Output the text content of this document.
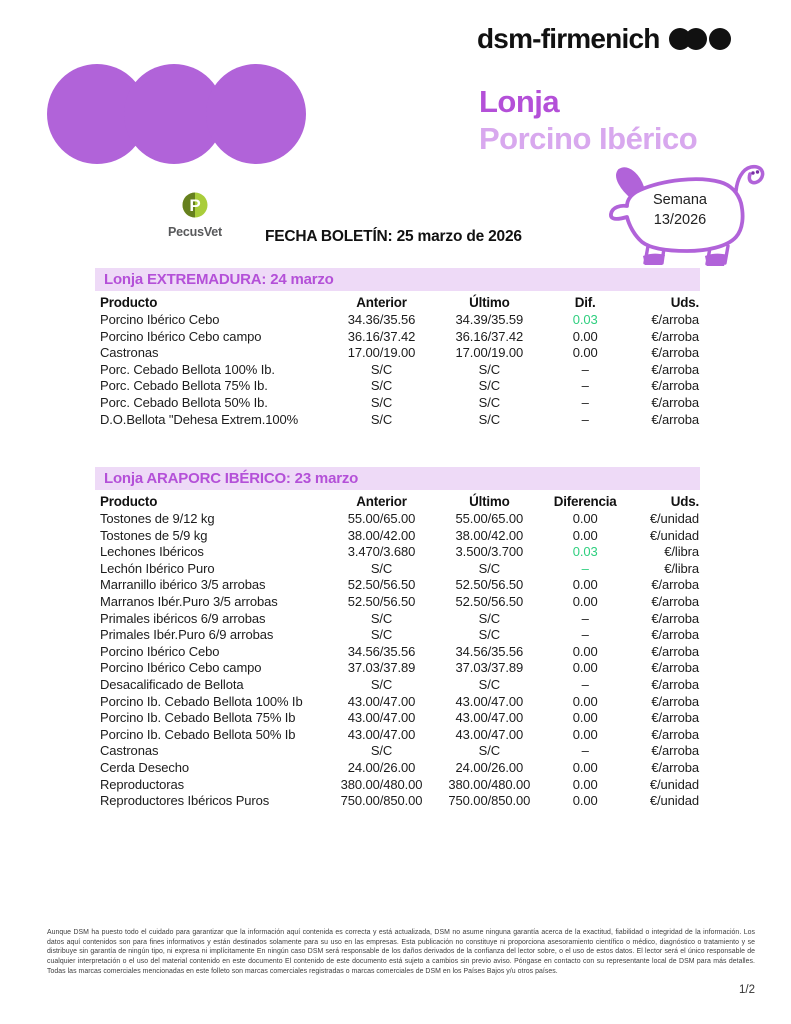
dsm-firmenich
Lonja
Porcino Ibérico
P
PecusVet	FECHA BOLETÍN: 25 marzo de 2026
Semana
13/2026
Lonja EXTREMADURA: 24 marzo
Producto	Anterior	Último	Dif.	Uds.
Porcino Ibérico Cebo	34.36/35.56	34.39/35.59	0.03	€/arroba
Porcino Ibérico Cebo campo	36.16/37.42	36.16/37.42	0.00	€/arroba
Castronas	17.00/19.00	17.00/19.00	0.00	€/arroba
Porc. Cebado Bellota 100% Ib.	S/C	S/C	–	€/arroba
Porc. Cebado Bellota 75% Ib.	S/C	S/C	–	€/arroba
Porc. Cebado Bellota 50% Ib.	S/C	S/C	–	€/arroba
D.O.Bellota "Dehesa Extrem.100%	S/C	S/C	–	€/arroba
Lonja ARAPORC IBÉRICO: 23 marzo
Producto	Anterior	Último	Diferencia	Uds.
Tostones de 9/12 kg	55.00/65.00	55.00/65.00	0.00	€/unidad
Tostones de 5/9 kg	38.00/42.00	38.00/42.00	0.00	€/unidad
Lechones Ibéricos	3.470/3.680	3.500/3.700	0.03	€/libra
Lechón Ibérico Puro	S/C	S/C	–	€/libra
Marranillo ibérico 3/5 arrobas	52.50/56.50	52.50/56.50	0.00	€/arroba
Marranos Ibér.Puro 3/5 arrobas	52.50/56.50	52.50/56.50	0.00	€/arroba
Primales ibéricos 6/9 arrobas	S/C	S/C	–	€/arroba
Primales Ibér.Puro 6/9 arrobas	S/C	S/C	–	€/arroba
Porcino Ibérico Cebo	34.56/35.56	34.56/35.56	0.00	€/arroba
Porcino Ibérico Cebo campo	37.03/37.89	37.03/37.89	0.00	€/arroba
Desacalificado de Bellota	S/C	S/C	–	€/arroba
Porcino Ib. Cebado Bellota 100% Ib	43.00/47.00	43.00/47.00	0.00	€/arroba
Porcino Ib. Cebado Bellota 75% Ib	43.00/47.00	43.00/47.00	0.00	€/arroba
Porcino Ib. Cebado Bellota 50% Ib	43.00/47.00	43.00/47.00	0.00	€/arroba
Castronas	S/C	S/C	–	€/arroba
Cerda Desecho	24.00/26.00	24.00/26.00	0.00	€/arroba
Reproductoras	380.00/480.00	380.00/480.00	0.00	€/unidad
Reproductores Ibéricos Puros	750.00/850.00	750.00/850.00	0.00	€/unidad

Aunque DSM ha puesto todo el cuidado para garantizar que la información aquí contenida es correcta y está actualizada, DSM no asume ninguna garantía acerca de la exactitud, fiabilidad o integridad de la información. Los datos aquí contenidos son para fines informativos y están destinados solamente para su uso en las empresas. Esta publicación no constituye ni proporciona asesoramiento científico o médico, diagnóstico o tratamiento y se distribuye sin garantía de ningún tipo, ni expresa ni implícitamente En ningún caso DSM será responsable de los daños derivados de la confianza del lector sobre, o el uso de estos datos. El lector será el único responsable de cualquier interpretación o el uso del material contenido en este documento El contenido de este documento está sujeto a cambios sin previo aviso. Póngase en contacto con su representante local de DSM para más detalles. Todas las marcas comerciales mencionadas en este folleto son marcas comerciales registradas o marcas comerciales de DSM en los Países Bajos y/u otros países.

1/2
